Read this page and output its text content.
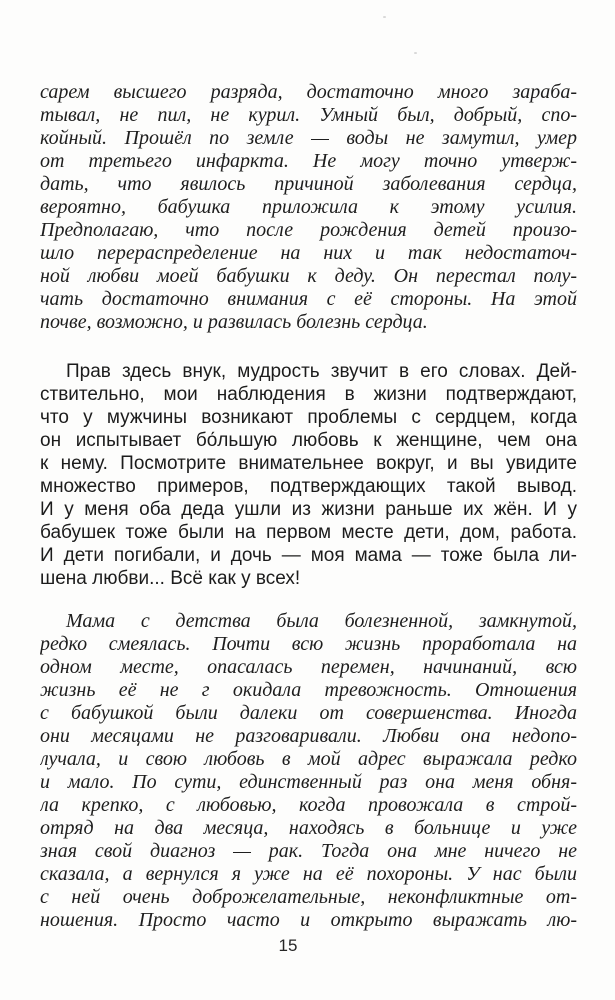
сарем высшего разряда, достаточно много зараба-
тывал, не пил, не курил. Умный был, добрый, спо-
койный. Прошёл по земле — воды не замутил, умер
от третьего инфаркта. Не могу точно утверж-
дать, что явилось причиной заболевания сердца,
вероятно, бабушка приложила к этому усилия.
Предполагаю, что после рождения детей произо-
шло перераспределение на них и так недостаточ-
ной любви моей бабушки к деду. Он перестал полу-
чать достаточно внимания с её стороны. На этой
почве, возможно, и развилась болезнь сердца.
Прав здесь внук, мудрость звучит в его словах. Дей-
ствительно, мои наблюдения в жизни подтверждают,
что у мужчины возникают проблемы с сердцем, когда
он испытывает бо́льшую любовь к женщине, чем она
к нему. Посмотрите внимательнее вокруг, и вы увидите
множество примеров, подтверждающих такой вывод.
И у меня оба деда ушли из жизни раньше их жён. И у
бабушек тоже были на первом месте дети, дом, работа.
И дети погибали, и дочь — моя мама — тоже была ли-
шена любви... Всё как у всех!
Мама с детства была болезненной, замкнутой,
редко смеялась. Почти всю жизнь проработала на
одном месте, опасалась перемен, начинаний, всю
жизнь её не г окидала тревожность. Отношения
с бабушкой были далеки от совершенства. Иногда
они месяцами не разговаривали. Любви она недопо-
лучала, и свою любовь в мой адрес выражала редко
и мало. По сути, единственный раз она меня обня-
ла крепко, с любовью, когда провожала в строй-
отряд на два месяца, находясь в больнице и уже
зная свой диагноз — рак. Тогда она мне ничего не
сказала, а вернулся я уже на её похороны. У нас были
с ней очень доброжелательные, неконфликтные от-
ношения. Просто часто и открыто выражать лю-
15
